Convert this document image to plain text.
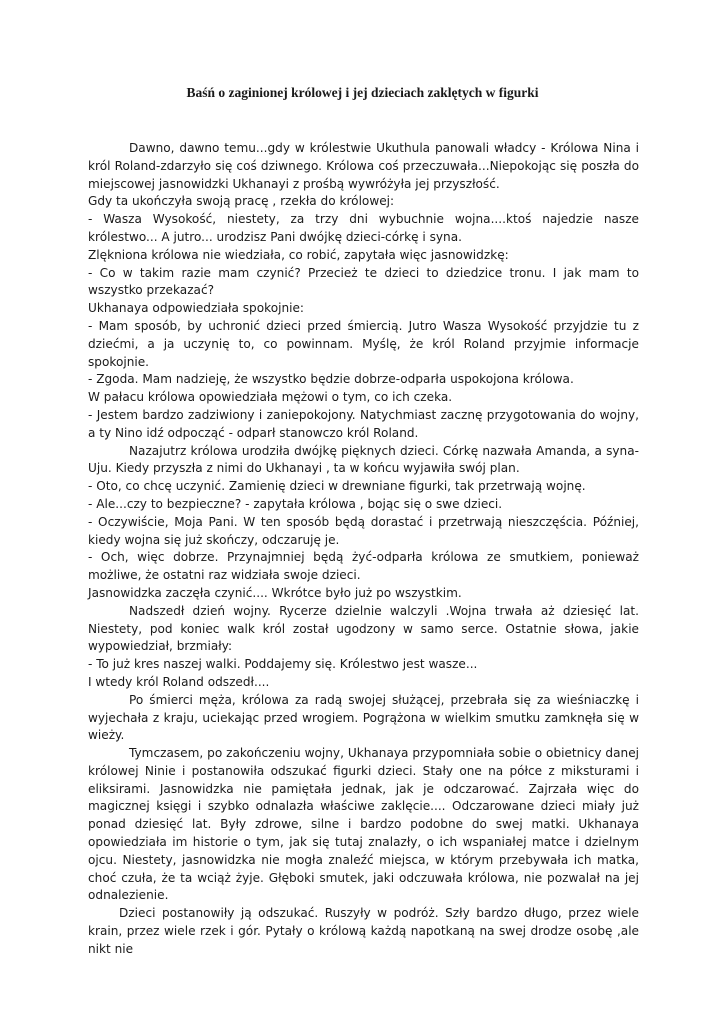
Baśń o zaginionej królowej i jej dzieciach zaklętych w figurki

Dawno, dawno temu...gdy w królestwie Ukuthula panowali władcy - Królowa Nina i król Roland-zdarzyło się coś dziwnego. Królowa coś przeczuwała...Niepokojąc się poszła do miejscowej jasnowidzki Ukhanayi z prośbą wywróżyła jej przyszłość.

Gdy ta ukończyła swoją pracę , rzekła do królowej:

- Wasza Wysokość, niestety, za trzy dni wybuchnie wojna....ktoś najedzie nasze królestwo... A jutro... urodzisz Pani dwójkę dzieci-córkę i syna.

Zlękniona królowa nie wiedziała, co robić, zapytała więc jasnowidzkę:

- Co w takim razie mam czynić? Przecież te dzieci to dziedzice tronu. I jak mam to wszystko przekazać?

Ukhanaya odpowiedziała spokojnie:

- Mam sposób, by uchronić dzieci przed śmiercią. Jutro Wasza Wysokość przyjdzie tu z dziećmi, a ja uczynię to, co powinnam. Myślę, że król Roland przyjmie informacje spokojnie.

- Zgoda. Mam nadzieję, że wszystko będzie dobrze-odparła uspokojona królowa.

W pałacu królowa opowiedziała mężowi o tym, co ich czeka.

- Jestem bardzo zadziwiony i zaniepokojony. Natychmiast zacznę przygotowania do wojny, a ty Nino idź odpocząć - odparł stanowczo król Roland.

Nazajutrz królowa urodziła dwójkę pięknych dzieci. Córkę nazwała Amanda, a syna-Uju. Kiedy przyszła z nimi do Ukhanayi , ta w końcu wyjawiła swój plan.

- Oto, co chcę uczynić. Zamienię dzieci w drewniane figurki, tak przetrwają wojnę.

- Ale...czy to bezpieczne? - zapytała królowa , bojąc się o swe dzieci.

- Oczywiście, Moja Pani. W ten sposób będą dorastać i przetrwają nieszczęścia. Później, kiedy wojna się już skończy, odczaruję je.

- Och, więc dobrze. Przynajmniej będą żyć-odparła królowa ze smutkiem, ponieważ możliwe, że ostatni raz widziała swoje dzieci.

Jasnowidzka zaczęła czynić.... Wkrótce było już po wszystkim.

Nadszedł dzień wojny. Rycerze dzielnie walczyli .Wojna trwała aż dziesięć lat. Niestety, pod koniec walk król został ugodzony w samo serce. Ostatnie słowa, jakie wypowiedział, brzmiały:

- To już kres naszej walki. Poddajemy się. Królestwo jest wasze...

I wtedy król Roland odszedł....

Po śmierci męża, królowa za radą swojej służącej, przebrała się za wieśniaczkę i wyjechała z kraju, uciekając przed wrogiem. Pogrążona w wielkim smutku zamknęła się w wieży.

Tymczasem, po zakończeniu wojny, Ukhanaya przypomniała sobie o obietnicy danej królowej Ninie i postanowiła odszukać figurki dzieci. Stały one na półce z miksturami i eliksirami. Jasnowidzka nie pamiętała jednak, jak je odczarować. Zajrzała więc do magicznej księgi i szybko odnalazła właściwe zaklęcie.... Odczarowane dzieci miały już ponad dziesięć lat. Były zdrowe, silne i bardzo podobne do swej matki. Ukhanaya opowiedziała im historie o tym, jak się tutaj znalazły, o ich wspaniałej matce i dzielnym ojcu. Niestety, jasnowidzka nie mogła znaleźć miejsca, w którym przebywała ich matka, choć czuła, że ta wciąż żyje. Głęboki smutek, jaki odczuwała królowa, nie pozwalał na jej odnalezienie.

Dzieci postanowiły ją odszukać. Ruszyły w podróż. Szły bardzo długo, przez wiele krain, przez wiele rzek i gór. Pytały o królową każdą napotkaną na swej drodze osobę ,ale nikt nie
